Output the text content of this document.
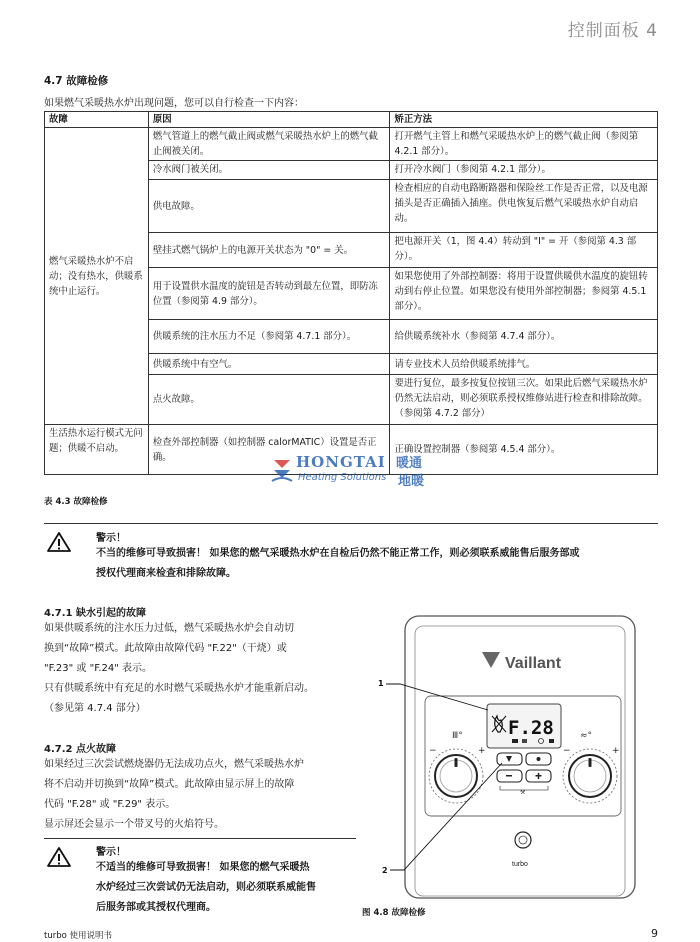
控制面板 4
4.7 故障检修
如果燃气采暖热水炉出现问题，您可以自行检查一下内容：
故障	原因	矫正方法
燃气采暖热水炉不启动；没有热水，供暖系统中止运行。	燃气管道上的燃气截止阀或燃气采暖热水炉上的燃气截止阀被关闭。	打开燃气主管上和燃气采暖热水炉上的燃气截止阀（参阅第 4.2.1 部分）。
	冷水阀门被关闭。	打开冷水阀门（参阅第 4.2.1 部分）。
	供电故障。	检查相应的自动电路断路器和保险丝工作是否正常，以及电源插头是否正确插入插座。供电恢复后燃气采暖热水炉自动启动。
	壁挂式燃气锅炉上的电源开关状态为 "0" = 关。	把电源开关（1，图 4.4）转动到 "I" = 开（参阅第 4.3 部分）。
	用于设置供水温度的旋钮是否转动到最左位置，即防冻位置（参阅第 4.9 部分）。	如果您使用了外部控制器：将用于设置供暖供水温度的旋钮转动到右停止位置。如果您没有使用外部控制器；参阅第 4.5.1 部分）。
	供暖系统的注水压力不足（参阅第 4.7.1 部分）。	给供暖系统补水（参阅第 4.7.4 部分）。
	供暖系统中有空气。	请专业技术人员给供暖系统排气。
	点火故障。	要进行复位，最多按复位按钮三次。如果此后燃气采暖热水炉仍然无法启动，则必须联系授权维修站进行检查和排除故障。（参阅第 4.7.2 部分）
生活热水运行模式无问题；供暖不启动。	检查外部控制器（如控制器 calorMATIC）设置是否正确。	正确设置控制器（参阅第 4.5.4 部分）。
HONGTAI
Heating Solutions
暖通
地暖
表 4.3 故障检修
警示！
不当的维修可导致损害！ 如果您的燃气采暖热水炉在自检后仍然不能正常工作，则必须联系威能售后服务部或
授权代理商来检查和排除故障。
4.7.1 缺水引起的故障

如果供暖系统的注水压力过低，燃气采暖热水炉会自动切

换到“故障”模式。此故障由故障代码 "F.22"（干烧）或

"F.23" 或 "F.24" 表示。

只有供暖系统中有充足的水时燃气采暖热水炉才能重新启动。

（参见第 4.7.4 部分）

4.7.2 点火故障

如果经过三次尝试燃烧器仍无法成功点火，燃气采暖热水炉

将不启动并切换到“故障”模式。此故障由显示屏上的故障

代码 "F.28" 或 "F.29" 表示。

显示屏还会显示一个带叉号的火焰符号。

警示！
不适当的维修可导致损害！ 如果您的燃气采暖热
水炉经过三次尝试仍无法启动，则必须联系威能售
后服务部或其授权代理商。
Vaillant
F.28
Ⅲ°	≈°
−	+	−	+
⚒
turbo
1
2
图 4.8 故障检修
turbo 使用说明书	9
